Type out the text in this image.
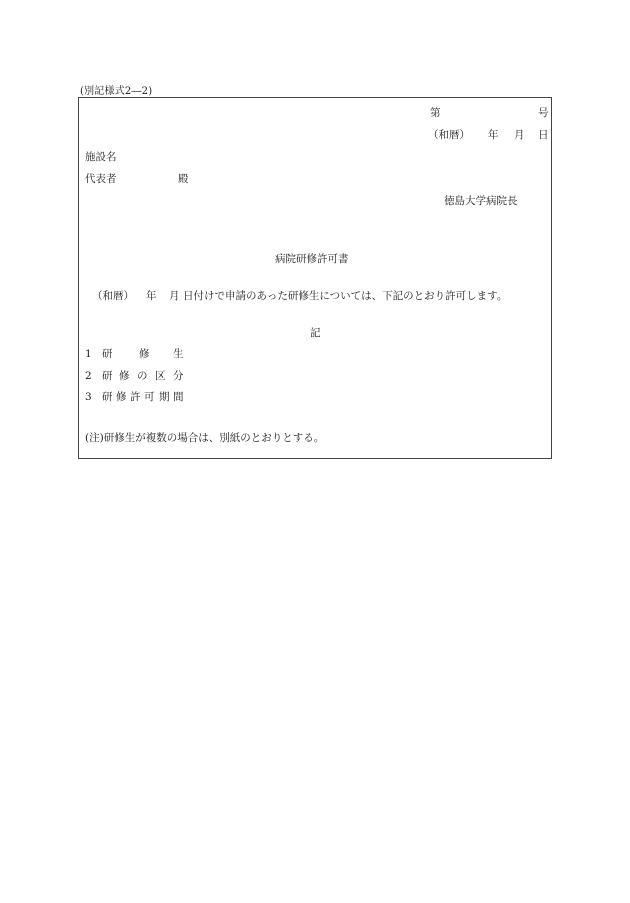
(別記様式2―2)
第	号
（和暦） 年 月 日
施設名
代表者	殿
徳島大学病院長
病院研修許可書
（和暦） 年 月 日付けで申請のあった研修生については、下記のとおり許可します。
記
1 研	修 生
2 研 修 の 区 分
3 研 修 許 可 期 間
(注)研修生が複数の場合は、別紙のとおりとする。
